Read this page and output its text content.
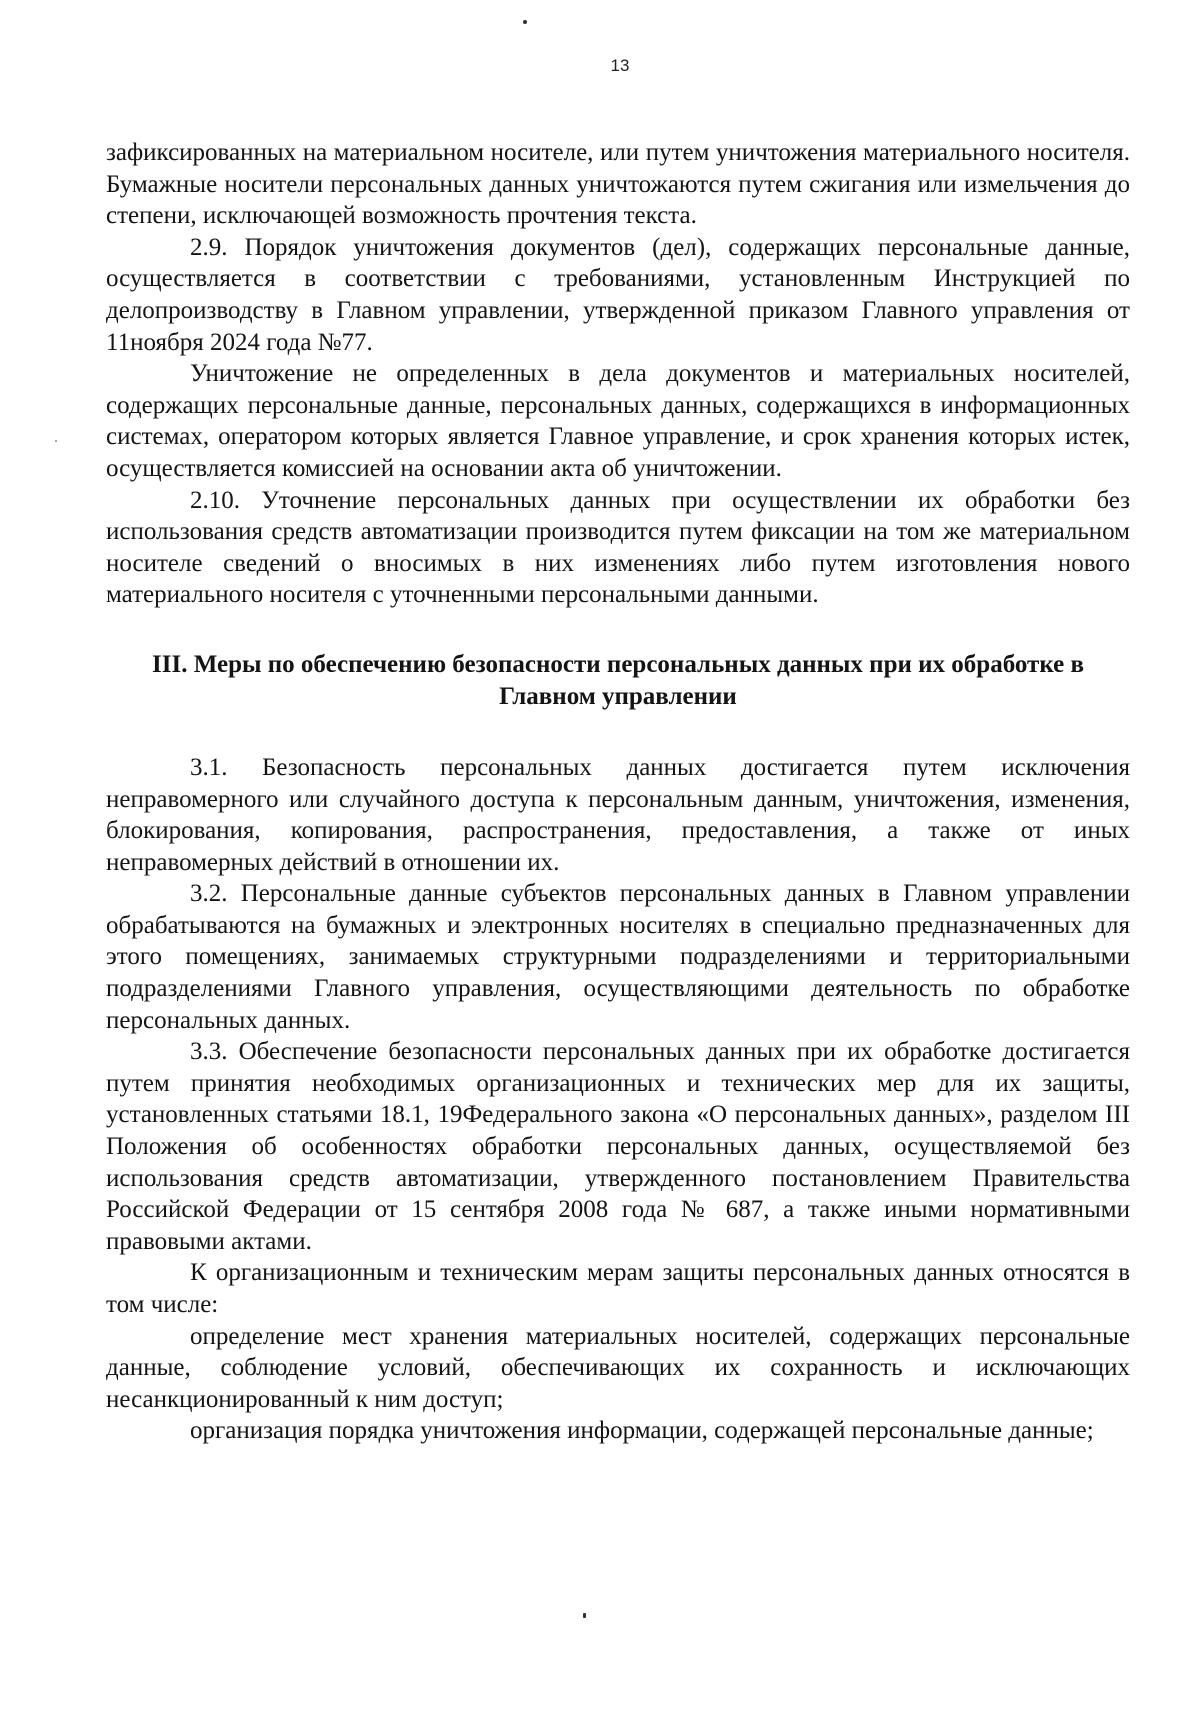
13

зафиксированных на материальном носителе, или путем уничтожения материального носителя. Бумажные носители персональных данных уничтожаются путем сжигания или измельчения до степени, исключающей возможность прочтения текста.

2.9. Порядок уничтожения документов (дел), содержащих персональные данные, осуществляется в соответствии с требованиями, установленным Инструкцией по делопроизводству в Главном управлении, утвержденной приказом Главного управления от 11ноября 2024 года №77.

Уничтожение не определенных в дела документов и материальных носителей, содержащих персональные данные, персональных данных, содержащихся в информационных системах, оператором которых является Главное управление, и срок хранения которых истек, осуществляется комиссией на основании акта об уничтожении.

2.10. Уточнение персональных данных при осуществлении их обработки без использования средств автоматизации производится путем фиксации на том же материальном носителе сведений о вносимых в них изменениях либо путем изготовления нового материального носителя с уточненными персональными данными.

III. Меры по обеспечению безопасности персональных данных при их обработке в Главном управлении

3.1. Безопасность персональных данных достигается путем исключения неправомерного или случайного доступа к персональным данным, уничтожения, изменения, блокирования, копирования, распространения, предоставления, а также от иных неправомерных действий в отношении их.

3.2. Персональные данные субъектов персональных данных в Главном управлении обрабатываются на бумажных и электронных носителях в специально предназначенных для этого помещениях, занимаемых структурными подразделениями и территориальными подразделениями Главного управления, осуществляющими деятельность по обработке персональных данных.

3.3. Обеспечение безопасности персональных данных при их обработке достигается путем принятия необходимых организационных и технических мер для их защиты, установленных статьями 18.1, 19Федерального закона «О персональных данных», разделом III Положения об особенностях обработки персональных данных, осуществляемой без использования средств автоматизации, утвержденного постановлением Правительства Российской Федерации от 15 сентября 2008 года № 687, а также иными нормативными правовыми актами.

К организационным и техническим мерам защиты персональных данных относятся в том числе:

определение мест хранения материальных носителей, содержащих персональные данные, соблюдение условий, обеспечивающих их сохранность и исключающих несанкционированный к ним доступ;

организация порядка уничтожения информации, содержащей персональные данные;
